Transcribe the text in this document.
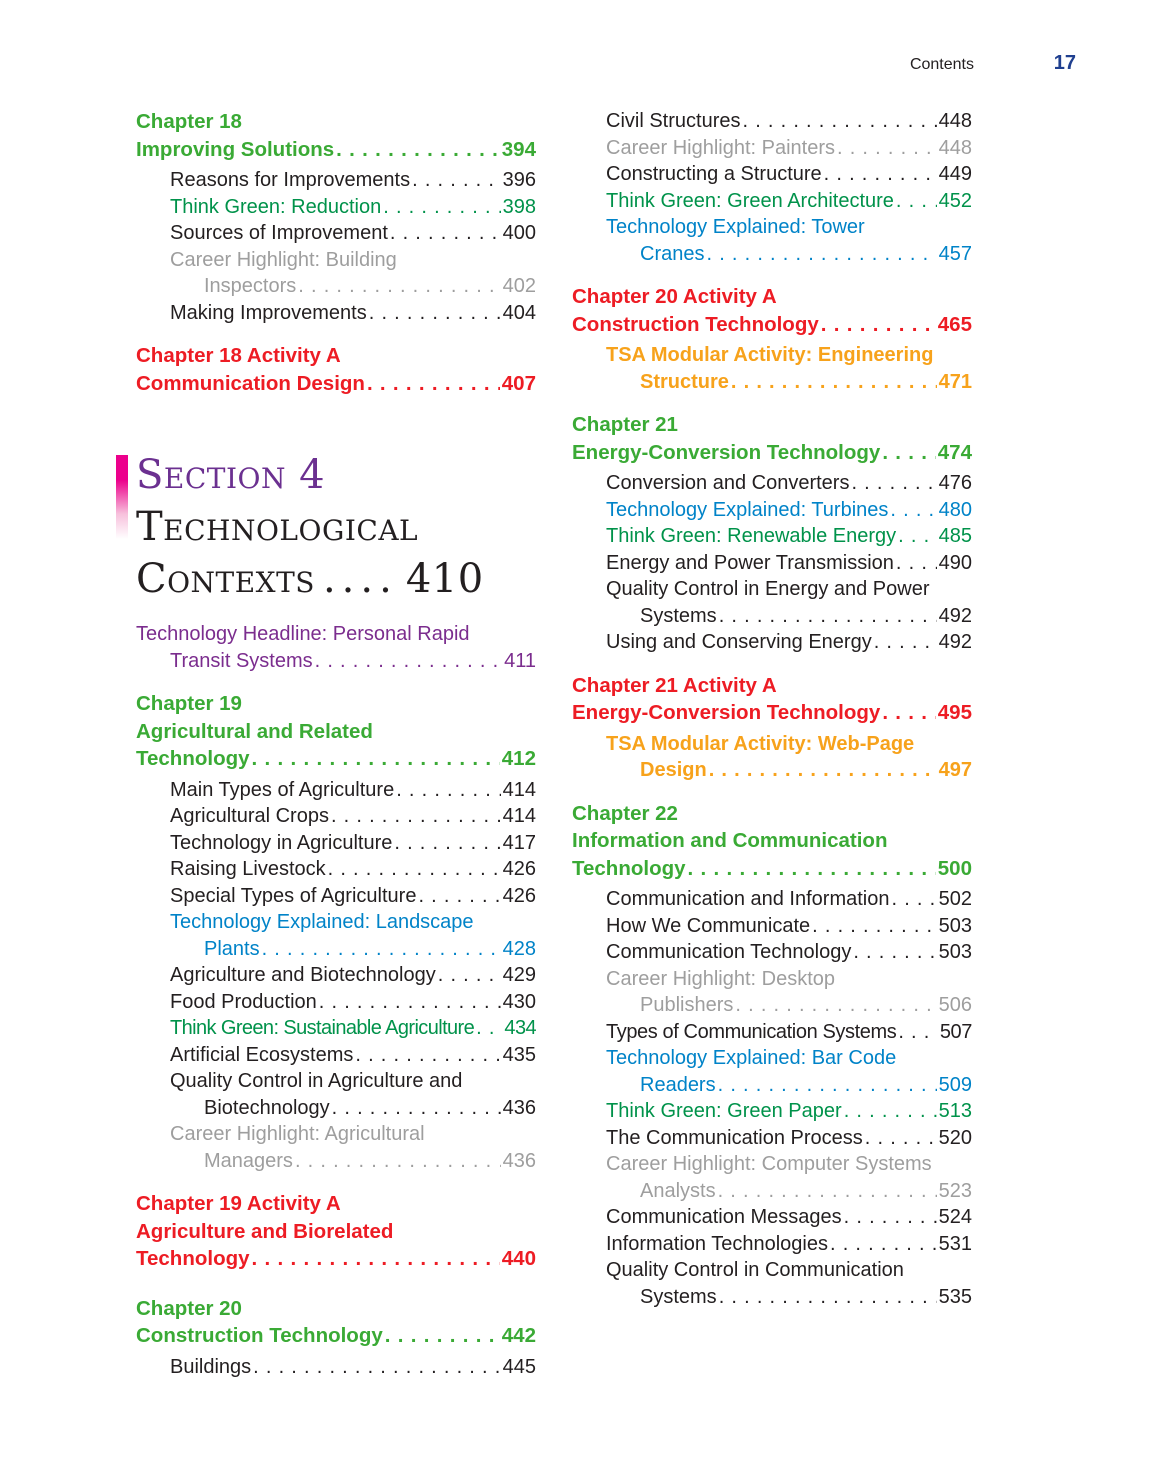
Contents	17
Chapter 18
Improving Solutions . . .	394
Reasons for Improvements . . .	396
Think Green: Reduction . . .	398
Sources of Improvement . . .	400
Career Highlight: Building
Inspectors . . .	402
Making Improvements . . .	404
Chapter 18 Activity A
Communication Design . . .	407
Section 4
Technological
Contexts .... 410
Technology Headline: Personal Rapid
Transit Systems . . .	411
Chapter 19
Agricultural and Related
Technology . . .	412
Main Types of Agriculture . . .	414
Agricultural Crops . . .	414
Technology in Agriculture . . .	417
Raising Livestock . . .	426
Special Types of Agriculture . . .	426
Technology Explained: Landscape
Plants . . .	428
Agriculture and Biotechnology . . .	429
Food Production . . .	430
Think Green: Sustainable Agriculture . . . 434
Artificial Ecosystems . . .	435
Quality Control in Agriculture and
Biotechnology . . .	436
Career Highlight: Agricultural
Managers . . .	436
Chapter 19 Activity A
Agriculture and Biorelated
Technology . . .	440
Chapter 20
Construction Technology . . .	442
Buildings . . .	445
Civil Structures . . .	448
Career Highlight: Painters . . .	448
Constructing a Structure . . .	449
Think Green: Green Architecture . . . 452
Technology Explained: Tower
Cranes . . .	457
Chapter 20 Activity A
Construction Technology . . .	465
TSA Modular Activity: Engineering
Structure . . .	471
Chapter 21
Energy-Conversion Technology . . .	474
Conversion and Converters . . .	476
Technology Explained: Turbines . . .	480
Think Green: Renewable Energy . . . 485
Energy and Power Transmission . . . 490
Quality Control in Energy and Power
Systems . . .	492
Using and Conserving Energy . . .	492
Chapter 21 Activity A
Energy-Conversion Technology . . .	495
TSA Modular Activity: Web-Page
Design . . .	497
Chapter 22
Information and Communication
Technology . . .	500
Communication and Information . . . 502
How We Communicate . . .	503
Communication Technology . . .	503
Career Highlight: Desktop
Publishers . . .	506
Types of Communication Systems . . . 507
Technology Explained: Bar Code
Readers . . .	509
Think Green: Green Paper . . .	513
The Communication Process . . .	520
Career Highlight: Computer Systems
Analysts . . .	523
Communication Messages . . .	524
Information Technologies . . .	531
Quality Control in Communication
Systems . . .	535
